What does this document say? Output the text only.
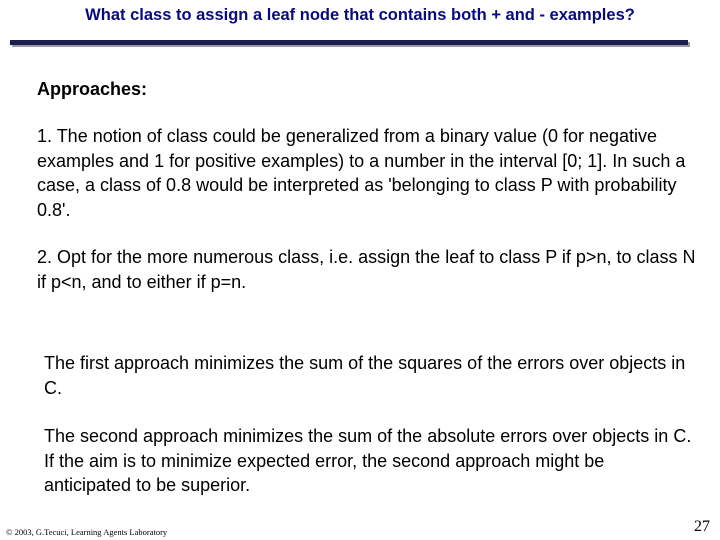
What class to assign a leaf node that contains both + and - examples?
Approaches:
1. The notion of class could be generalized from a binary value (0 for negative examples and 1 for positive examples) to a number in the interval [0; 1]. In such a case, a class of 0.8 would be interpreted as 'belonging to class P with probability 0.8'.
2. Opt for the more numerous class, i.e. assign the leaf to class P if p>n, to class N if p<n, and to either if p=n.
The first approach minimizes the sum of the squares of the errors over objects in C.
The second approach minimizes the sum of the absolute errors over objects in C. If the aim is to minimize expected error, the second approach might be anticipated to be superior.
© 2003, G.Tecuci, Learning Agents Laboratory	27
